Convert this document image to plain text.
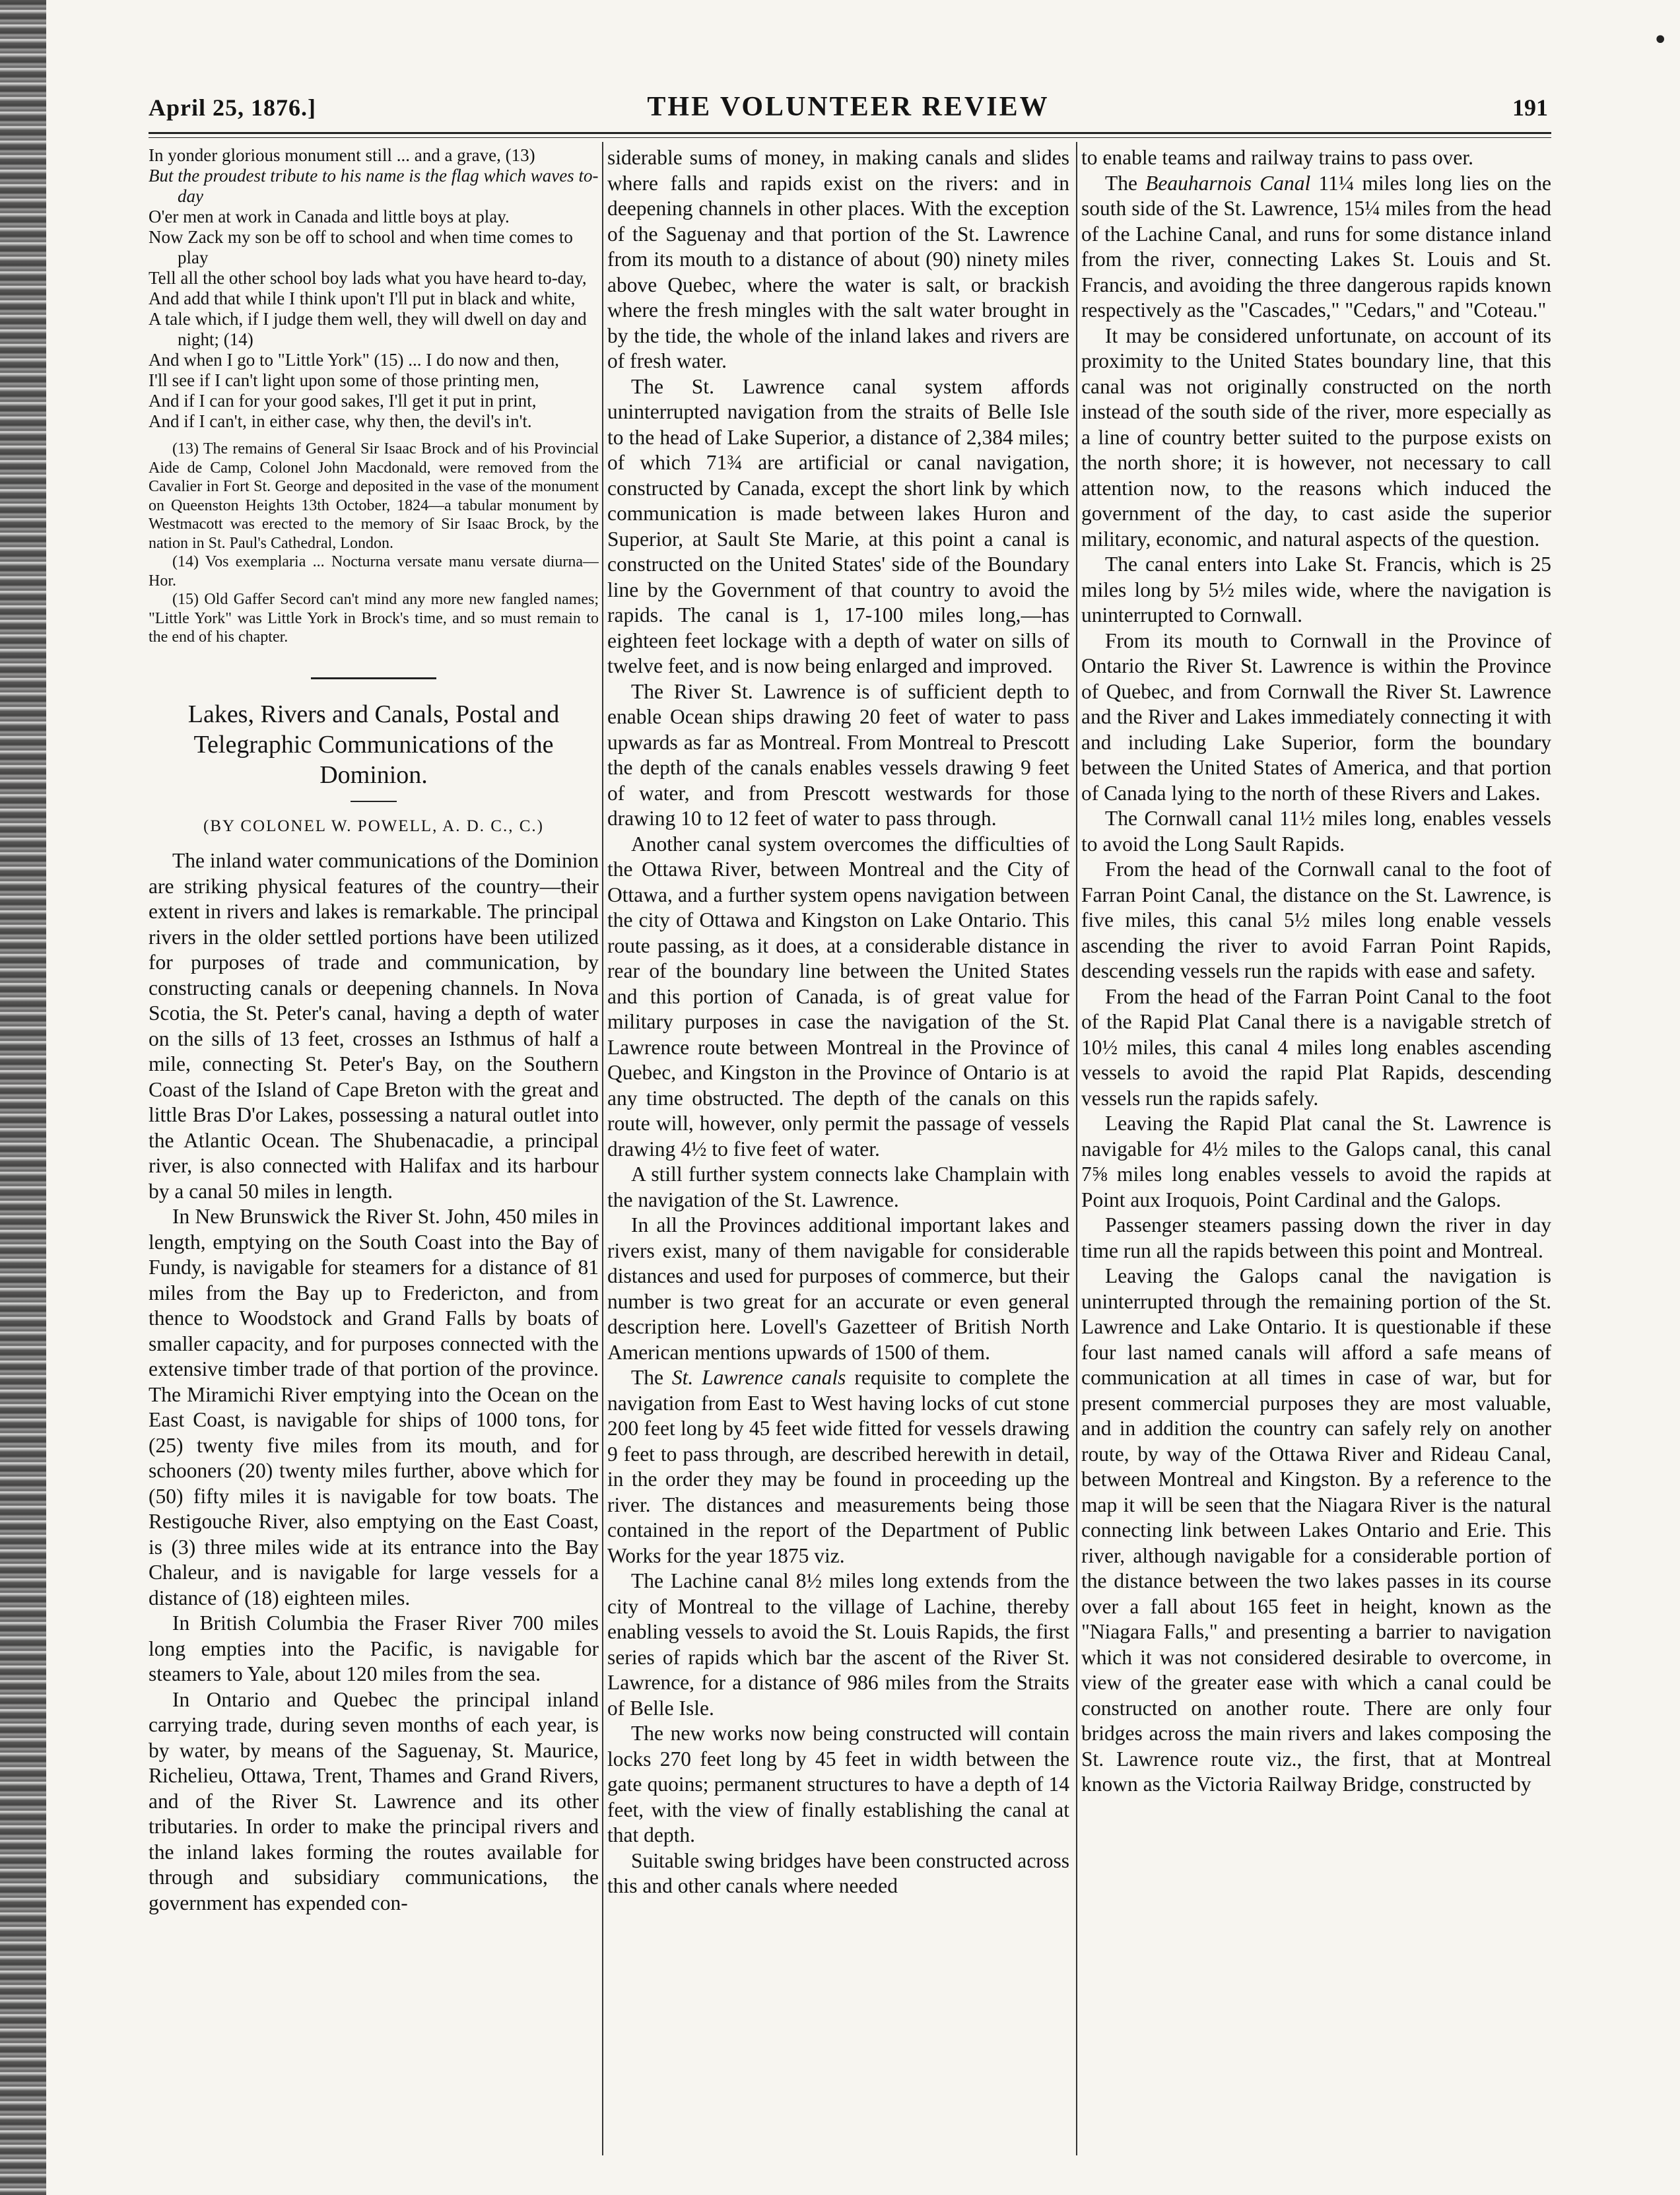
•
April 25, 1876.]	THE VOLUNTEER REVIEW	191

In yonder glorious monument still ... and a grave, (13)

But the proudest tribute to his name is the flag which waves to-day

O'er men at work in Canada and little boys at play.

Now Zack my son be off to school and when time comes to play

Tell all the other school boy lads what you have heard to-day,

And add that while I think upon't I'll put in black and white,

A tale which, if I judge them well, they will dwell on day and night; (14)

And when I go to "Little York" (15) ... I do now and then,

I'll see if I can't light upon some of those printing men,

And if I can for your good sakes, I'll get it put in print,

And if I can't, in either case, why then, the devil's in't.

(13) The remains of General Sir Isaac Brock and of his Provincial Aide de Camp, Colonel John Macdonald, were removed from the Cavalier in Fort St. George and deposited in the vase of the monument on Queenston Heights 13th October, 1824—a tabular monument by Westmacott was erected to the memory of Sir Isaac Brock, by the nation in St. Paul's Cathedral, London.

(14) Vos exemplaria ... Nocturna versate manu versate diurna—Hor.

(15) Old Gaffer Secord can't mind any more new fangled names; "Little York" was Little York in Brock's time, and so must remain to the end of his chapter.

Lakes, Rivers and Canals, Postal and Telegraphic Communications of the Dominion.
(BY COLONEL W. POWELL, A. D. C., C.)

The inland water communications of the Dominion are striking physical features of the country—their extent in rivers and lakes is remarkable. The principal rivers in the older settled portions have been utilized for purposes of trade and communication, by constructing canals or deepening channels. In Nova Scotia, the St. Peter's canal, having a depth of water on the sills of 13 feet, crosses an Isthmus of half a mile, connecting St. Peter's Bay, on the Southern Coast of the Island of Cape Breton with the great and little Bras D'or Lakes, possessing a natural outlet into the Atlantic Ocean. The Shubenacadie, a principal river, is also connected with Halifax and its harbour by a canal 50 miles in length.

In New Brunswick the River St. John, 450 miles in length, emptying on the South Coast into the Bay of Fundy, is navigable for steamers for a distance of 81 miles from the Bay up to Fredericton, and from thence to Woodstock and Grand Falls by boats of smaller capacity, and for purposes connected with the extensive timber trade of that portion of the province. The Miramichi River emptying into the Ocean on the East Coast, is navigable for ships of 1000 tons, for (25) twenty five miles from its mouth, and for schooners (20) twenty miles further, above which for (50) fifty miles it is navigable for tow boats. The Restigouche River, also emptying on the East Coast, is (3) three miles wide at its entrance into the Bay Chaleur, and is navigable for large vessels for a distance of (18) eighteen miles.

In British Columbia the Fraser River 700 miles long empties into the Pacific, is navigable for steamers to Yale, about 120 miles from the sea.

In Ontario and Quebec the principal inland carrying trade, during seven months of each year, is by water, by means of the Saguenay, St. Maurice, Richelieu, Ottawa, Trent, Thames and Grand Rivers, and of the River St. Lawrence and its other tributaries. In order to make the principal rivers and the inland lakes forming the routes available for through and subsidiary communications, the government has expended con-

siderable sums of money, in making canals and slides where falls and rapids exist on the rivers: and in deepening channels in other places. With the exception of the Saguenay and that portion of the St. Lawrence from its mouth to a distance of about (90) ninety miles above Quebec, where the water is salt, or brackish where the fresh mingles with the salt water brought in by the tide, the whole of the inland lakes and rivers are of fresh water.

The St. Lawrence canal system affords uninterrupted navigation from the straits of Belle Isle to the head of Lake Superior, a distance of 2,384 miles; of which 71¾ are artificial or canal navigation, constructed by Canada, except the short link by which communication is made between lakes Huron and Superior, at Sault Ste Marie, at this point a canal is constructed on the United States' side of the Boundary line by the Government of that country to avoid the rapids. The canal is 1, 17-100 miles long,—has eighteen feet lockage with a depth of water on sills of twelve feet, and is now being enlarged and improved.

The River St. Lawrence is of sufficient depth to enable Ocean ships drawing 20 feet of water to pass upwards as far as Montreal. From Montreal to Prescott the depth of the canals enables vessels drawing 9 feet of water, and from Prescott westwards for those drawing 10 to 12 feet of water to pass through.

Another canal system overcomes the difficulties of the Ottawa River, between Montreal and the City of Ottawa, and a further system opens navigation between the city of Ottawa and Kingston on Lake Ontario. This route passing, as it does, at a considerable distance in rear of the boundary line between the United States and this portion of Canada, is of great value for military purposes in case the navigation of the St. Lawrence route between Montreal in the Province of Quebec, and Kingston in the Province of Ontario is at any time obstructed. The depth of the canals on this route will, however, only permit the passage of vessels drawing 4½ to five feet of water.

A still further system connects lake Champlain with the navigation of the St. Lawrence.

In all the Provinces additional important lakes and rivers exist, many of them navigable for considerable distances and used for purposes of commerce, but their number is two great for an accurate or even general description here. Lovell's Gazetteer of British North American mentions upwards of 1500 of them.

The St. Lawrence canals requisite to complete the navigation from East to West having locks of cut stone 200 feet long by 45 feet wide fitted for vessels drawing 9 feet to pass through, are described herewith in detail, in the order they may be found in proceeding up the river. The distances and measurements being those contained in the report of the Department of Public Works for the year 1875 viz.

The Lachine canal 8½ miles long extends from the city of Montreal to the village of Lachine, thereby enabling vessels to avoid the St. Louis Rapids, the first series of rapids which bar the ascent of the River St. Lawrence, for a distance of 986 miles from the Straits of Belle Isle.

The new works now being constructed will contain locks 270 feet long by 45 feet in width between the gate quoins; permanent structures to have a depth of 14 feet, with the view of finally establishing the canal at that depth.

Suitable swing bridges have been constructed across this and other canals where needed

to enable teams and railway trains to pass over.

The Beauharnois Canal 11¼ miles long lies on the south side of the St. Lawrence, 15¼ miles from the head of the Lachine Canal, and runs for some distance inland from the river, connecting Lakes St. Louis and St. Francis, and avoiding the three dangerous rapids known respectively as the "Cascades," "Cedars," and "Coteau."

It may be considered unfortunate, on account of its proximity to the United States boundary line, that this canal was not originally constructed on the north instead of the south side of the river, more especially as a line of country better suited to the purpose exists on the north shore; it is however, not necessary to call attention now, to the reasons which induced the government of the day, to cast aside the superior military, economic, and natural aspects of the question.

The canal enters into Lake St. Francis, which is 25 miles long by 5½ miles wide, where the navigation is uninterrupted to Cornwall.

From its mouth to Cornwall in the Province of Ontario the River St. Lawrence is within the Province of Quebec, and from Cornwall the River St. Lawrence and the River and Lakes immediately connecting it with and including Lake Superior, form the boundary between the United States of America, and that portion of Canada lying to the north of these Rivers and Lakes.

The Cornwall canal 11½ miles long, enables vessels to avoid the Long Sault Rapids.

From the head of the Cornwall canal to the foot of Farran Point Canal, the distance on the St. Lawrence, is five miles, this canal 5½ miles long enable vessels ascending the river to avoid Farran Point Rapids, descending vessels run the rapids with ease and safety.

From the head of the Farran Point Canal to the foot of the Rapid Plat Canal there is a navigable stretch of 10½ miles, this canal 4 miles long enables ascending vessels to avoid the rapid Plat Rapids, descending vessels run the rapids safely.

Leaving the Rapid Plat canal the St. Lawrence is navigable for 4½ miles to the Galops canal, this canal 7⅝ miles long enables vessels to avoid the rapids at Point aux Iroquois, Point Cardinal and the Galops.

Passenger steamers passing down the river in day time run all the rapids between this point and Montreal.

Leaving the Galops canal the navigation is uninterrupted through the remaining portion of the St. Lawrence and Lake Ontario. It is questionable if these four last named canals will afford a safe means of communication at all times in case of war, but for present commercial purposes they are most valuable, and in addition the country can safely rely on another route, by way of the Ottawa River and Rideau Canal, between Montreal and Kingston. By a reference to the map it will be seen that the Niagara River is the natural connecting link between Lakes Ontario and Erie. This river, although navigable for a considerable portion of the distance between the two lakes passes in its course over a fall about 165 feet in height, known as the "Niagara Falls," and presenting a barrier to navigation which it was not considered desirable to overcome, in view of the greater ease with which a canal could be constructed on another route. There are only four bridges across the main rivers and lakes composing the St. Lawrence route viz., the first, that at Montreal known as the Victoria Railway Bridge, constructed by
